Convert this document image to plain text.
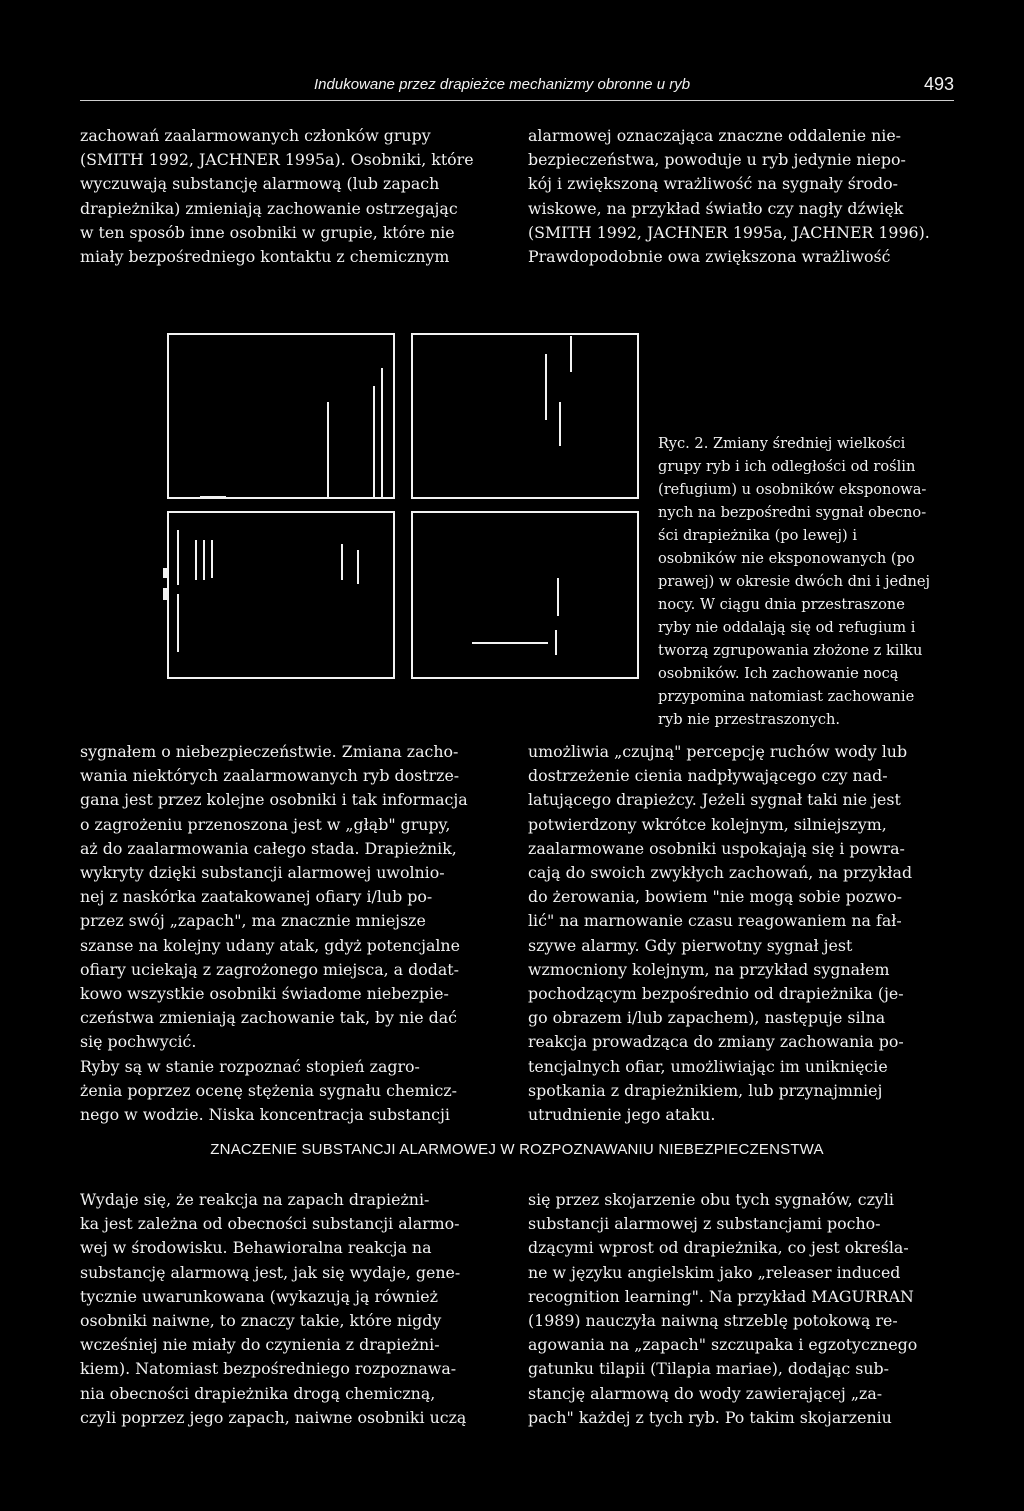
Indukowane przez drapieżce mechanizmy obronne u ryb	493
zachowań zaalarmowanych członków grupy
(SMITH 1992, JACHNER 1995a). Osobniki, które
wyczuwają substancję alarmową (lub zapach
drapieżnika) zmieniają zachowanie ostrzegając
w ten sposób inne osobniki w grupie, które nie
miały bezpośredniego kontaktu z chemicznym
alarmowej oznaczająca znaczne oddalenie nie-
bezpieczeństwa, powoduje u ryb jedynie niepo-
kój i zwiększoną wrażliwość na sygnały środo-
wiskowe, na przykład światło czy nagły dźwięk
(SMITH 1992, JACHNER 1995a, JACHNER 1996).
Prawdopodobnie owa zwiększona wrażliwość
Ryc. 2. Zmiany średniej wielkości
grupy ryb i ich odległości od roślin
(refugium) u osobników eksponowa-
nych na bezpośredni sygnał obecno-
ści drapieżnika (po lewej) i
osobników nie eksponowanych (po
prawej) w okresie dwóch dni i jednej
nocy. W ciągu dnia przestraszone
ryby nie oddalają się od refugium i
tworzą zgrupowania złożone z kilku
osobników. Ich zachowanie nocą
przypomina natomiast zachowanie
ryb nie przestraszonych.
sygnałem o niebezpieczeństwie. Zmiana zacho-
wania niektórych zaalarmowanych ryb dostrze-
gana jest przez kolejne osobniki i tak informacja
o zagrożeniu przenoszona jest w „głąb" grupy,
aż do zaalarmowania całego stada. Drapieżnik,
wykryty dzięki substancji alarmowej uwolnio-
nej z naskórka zaatakowanej ofiary i/lub po-
przez swój „zapach", ma znacznie mniejsze
szanse na kolejny udany atak, gdyż potencjalne
ofiary uciekają z zagrożonego miejsca, a dodat-
kowo wszystkie osobniki świadome niebezpie-
czeństwa zmieniają zachowanie tak, by nie dać
się pochwycić.
Ryby są w stanie rozpoznać stopień zagro-
żenia poprzez ocenę stężenia sygnału chemicz-
nego w wodzie. Niska koncentracja substancji
umożliwia „czujną" percepcję ruchów wody lub
dostrzeżenie cienia nadpływającego czy nad-
latującego drapieżcy. Jeżeli sygnał taki nie jest
potwierdzony wkrótce kolejnym, silniejszym,
zaalarmowane osobniki uspokajają się i powra-
cają do swoich zwykłych zachowań, na przykład
do żerowania, bowiem "nie mogą sobie pozwo-
lić" na marnowanie czasu reagowaniem na fał-
szywe alarmy. Gdy pierwotny sygnał jest
wzmocniony kolejnym, na przykład sygnałem
pochodzącym bezpośrednio od drapieżnika (je-
go obrazem i/lub zapachem), następuje silna
reakcja prowadząca do zmiany zachowania po-
tencjalnych ofiar, umożliwiając im uniknięcie
spotkania z drapieżnikiem, lub przynajmniej
utrudnienie jego ataku.
ZNACZENIE SUBSTANCJI ALARMOWEJ W ROZPOZNAWANIU NIEBEZPIECZENSTWA
Wydaje się, że reakcja na zapach drapieżni-
ka jest zależna od obecności substancji alarmo-
wej w środowisku. Behawioralna reakcja na
substancję alarmową jest, jak się wydaje, gene-
tycznie uwarunkowana (wykazują ją również
osobniki naiwne, to znaczy takie, które nigdy
wcześniej nie miały do czynienia z drapieżni-
kiem). Natomiast bezpośredniego rozpoznawa-
nia obecności drapieżnika drogą chemiczną,
czyli poprzez jego zapach, naiwne osobniki uczą
się przez skojarzenie obu tych sygnałów, czyli
substancji alarmowej z substancjami pocho-
dzącymi wprost od drapieżnika, co jest określa-
ne w języku angielskim jako „releaser induced
recognition learning". Na przykład MAGURRAN
(1989) nauczyła naiwną strzeblę potokową re-
agowania na „zapach" szczupaka i egzotycznego
gatunku tilapii (Tilapia mariae), dodając sub-
stancję alarmową do wody zawierającej „za-
pach" każdej z tych ryb. Po takim skojarzeniu
